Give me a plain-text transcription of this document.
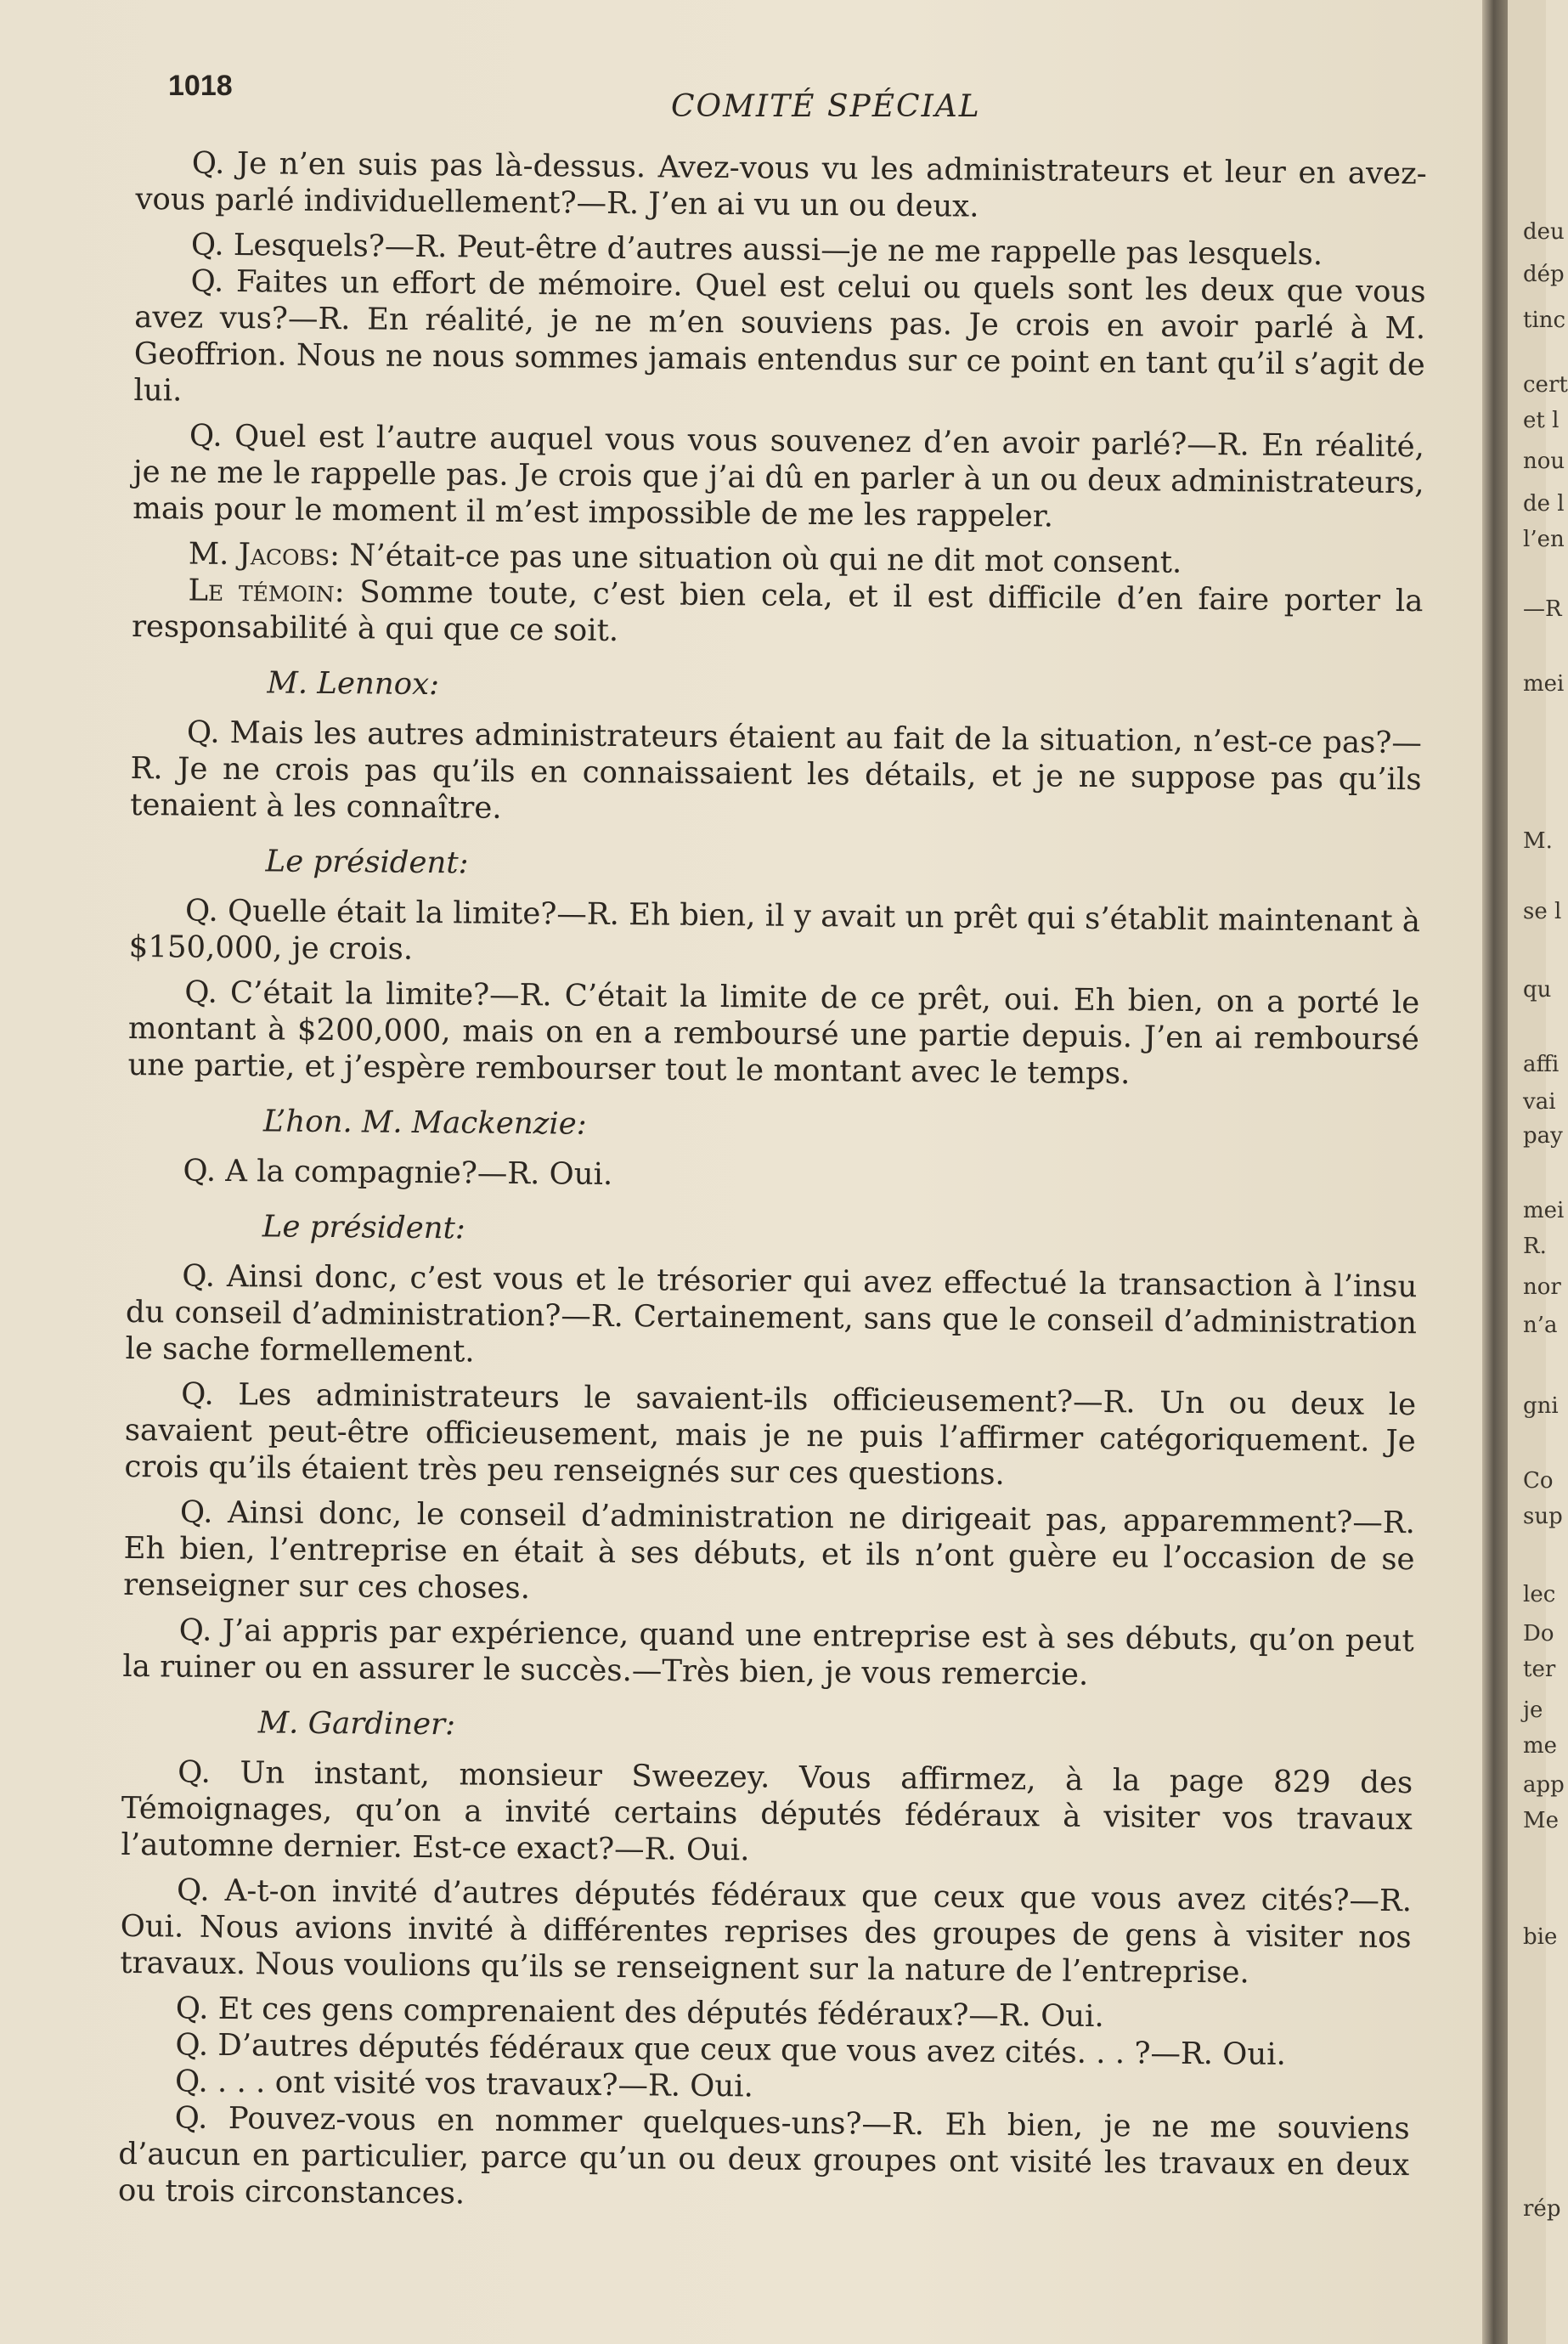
1018
COMITÉ SPÉCIAL

Q. Je n’en suis pas là-dessus. Avez-vous vu les administrateurs et leur en avez-vous parlé individuellement?—R. J’en ai vu un ou deux.

Q. Lesquels?—R. Peut-être d’autres aussi—je ne me rappelle pas lesquels.

Q. Faites un effort de mémoire. Quel est celui ou quels sont les deux que vous avez vus?—R. En réalité, je ne m’en souviens pas. Je crois en avoir parlé à M. Geoffrion. Nous ne nous sommes jamais entendus sur ce point en tant qu’il s’agit de lui.

Q. Quel est l’autre auquel vous vous souvenez d’en avoir parlé?—R. En réalité, je ne me le rappelle pas. Je crois que j’ai dû en parler à un ou deux administrateurs, mais pour le moment il m’est impossible de me les rappeler.

M. Jacobs: N’était-ce pas une situation où qui ne dit mot consent.

Le témoin: Somme toute, c’est bien cela, et il est difficile d’en faire porter la responsabilité à qui que ce soit.

M. Lennox:

Q. Mais les autres administrateurs étaient au fait de la situation, n’est-ce pas?—R. Je ne crois pas qu’ils en connaissaient les détails, et je ne suppose pas qu’ils tenaient à les connaître.

Le président:

Q. Quelle était la limite?—R. Eh bien, il y avait un prêt qui s’établit maintenant à $150,000, je crois.

Q. C’était la limite?—R. C’était la limite de ce prêt, oui. Eh bien, on a porté le montant à $200,000, mais on en a remboursé une partie depuis. J’en ai remboursé une partie, et j’espère rembourser tout le montant avec le temps.

L’hon. M. Mackenzie:

Q. A la compagnie?—R. Oui.

Le président:

Q. Ainsi donc, c’est vous et le trésorier qui avez effectué la transaction à l’insu du conseil d’administration?—R. Certainement, sans que le conseil d’administration le sache formellement.

Q. Les administrateurs le savaient-ils officieusement?—R. Un ou deux le savaient peut-être officieusement, mais je ne puis l’affirmer catégoriquement. Je crois qu’ils étaient très peu renseignés sur ces questions.

Q. Ainsi donc, le conseil d’administration ne dirigeait pas, apparemment?—R. Eh bien, l’entreprise en était à ses débuts, et ils n’ont guère eu l’occasion de se renseigner sur ces choses.

Q. J’ai appris par expérience, quand une entreprise est à ses débuts, qu’on peut la ruiner ou en assurer le succès.—Très bien, je vous remercie.

M. Gardiner:

Q. Un instant, monsieur Sweezey. Vous affirmez, à la page 829 des Témoignages, qu’on a invité certains députés fédéraux à visiter vos travaux l’automne dernier. Est-ce exact?—R. Oui.

Q. A-t-on invité d’autres députés fédéraux que ceux que vous avez cités?—R. Oui. Nous avions invité à différentes reprises des groupes de gens à visiter nos travaux. Nous voulions qu’ils se renseignent sur la nature de l’entreprise.

Q. Et ces gens comprenaient des députés fédéraux?—R. Oui.

Q. D’autres députés fédéraux que ceux que vous avez cités. . . ?—R. Oui.

Q. . . . ont visité vos travaux?—R. Oui.

Q. Pouvez-vous en nommer quelques-uns?—R. Eh bien, je ne me souviens d’aucun en particulier, parce qu’un ou deux groupes ont visité les travaux en deux ou trois circonstances.

deu
dép
tinc
cert
et l
nou
de l
l’en
—R
mei
M.
se l
qu
affi
vai
pay
mei
R.
nor
n’a
gni
Co
sup
lec
Do
ter
je
me
app
Me
bie
rép
